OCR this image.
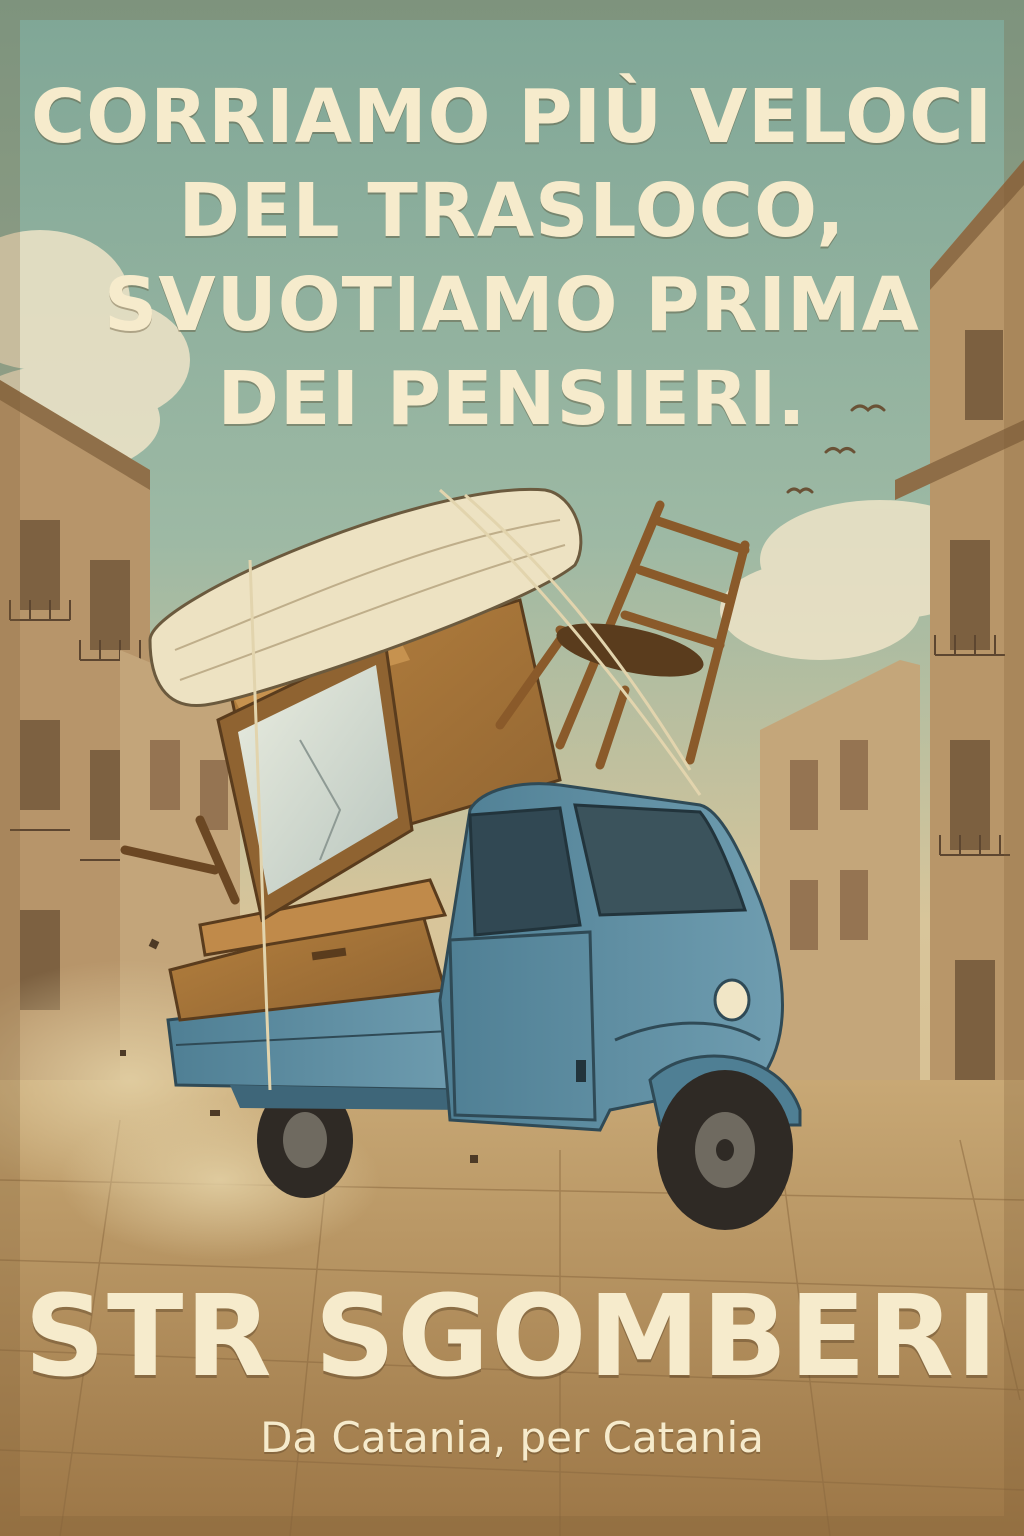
CORRIAMO PIÙ VELOCI
DEL TRASLOCO,
SVUOTIAMO PRIMA
DEI PENSIERI.
STR SGOMBERI
Da Catania, per Catania
